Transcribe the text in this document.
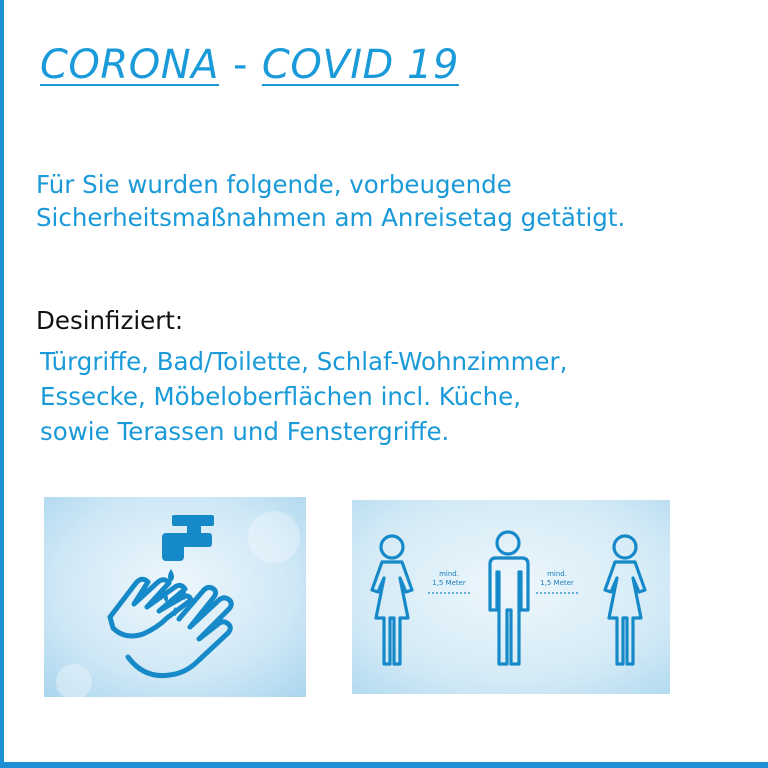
CORONA - COVID 19
Für Sie wurden folgende, vorbeugende
Sicherheitsmaßnahmen am Anreisetag getätigt.
Desinfiziert:
Türgriffe, Bad/Toilette, Schlaf-Wohnzimmer,
Essecke, Möbeloberflächen incl. Küche,
sowie Terassen und Fenstergriffe.
mind.
1,5 Meter
mind.
1,5 Meter
